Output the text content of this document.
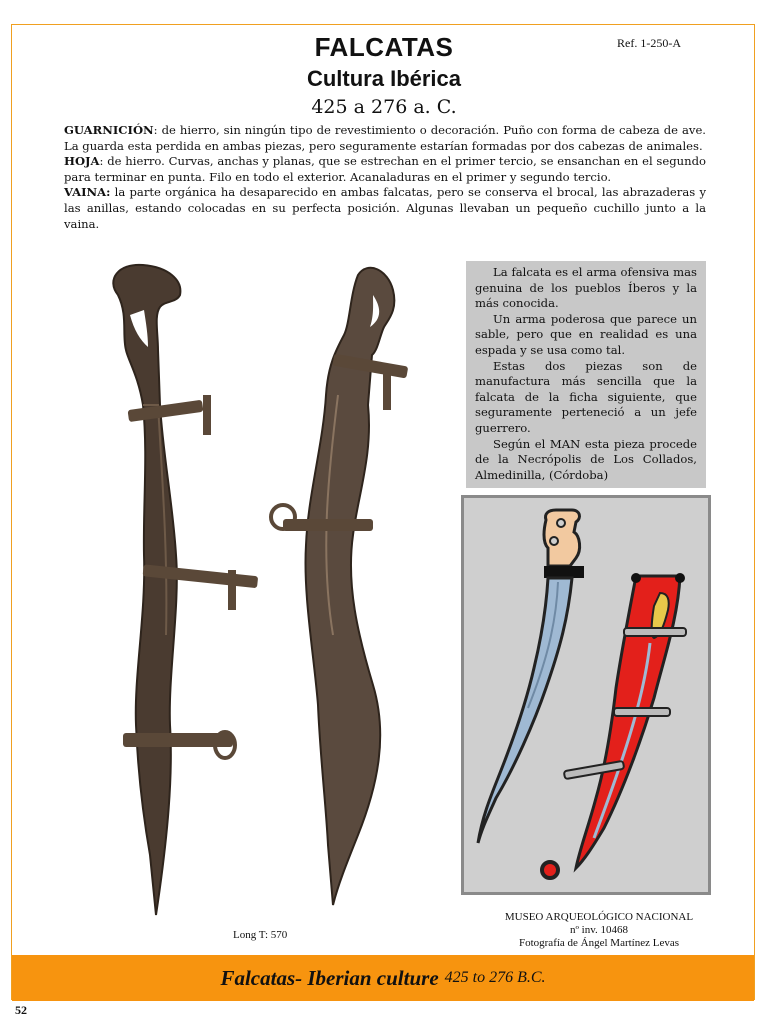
FALCATAS
Cultura Ibérica
425 a 276 a. C.
Ref. 1-250-A

GUARNICIÓN: de hierro, sin ningún tipo de revestimiento o decoración. Puño con forma de cabeza de ave. La guarda esta perdida en ambas piezas, pero seguramente estarían formadas por dos cabezas de animales.

HOJA: de hierro. Curvas, anchas y planas, que se estrechan en el primer tercio, se ensanchan en el segundo para terminar en punta. Filo en todo el exterior. Acanaladuras en el primer y segundo tercio.

VAINA: la parte orgánica ha desaparecido en ambas falcatas, pero se conserva el brocal, las abrazaderas y las anillas, estando colocadas en su perfecta posición. Algunas llevaban un pequeño cuchillo junto a la vaina.

La falcata es el arma ofensiva mas genuina de los pueblos Íberos y la más conocida.

Un arma poderosa que parece un sable, pero que en realidad es una espada y se usa como tal.

Estas dos piezas son de manufactura más sencilla que la falcata de la ficha siguiente, que seguramente perteneció a un jefe guerrero.

Según el MAN esta pieza procede de la Necrópolis de Los Collados, Almedinilla, (Córdoba)

Long T: 570
MUSEO ARQUEOLÓGICO NACIONAL
nº inv. 10468
Fotografía de Ángel Martínez Levas
Falcatas- Iberian culture 425 to 276 B.C.
52
